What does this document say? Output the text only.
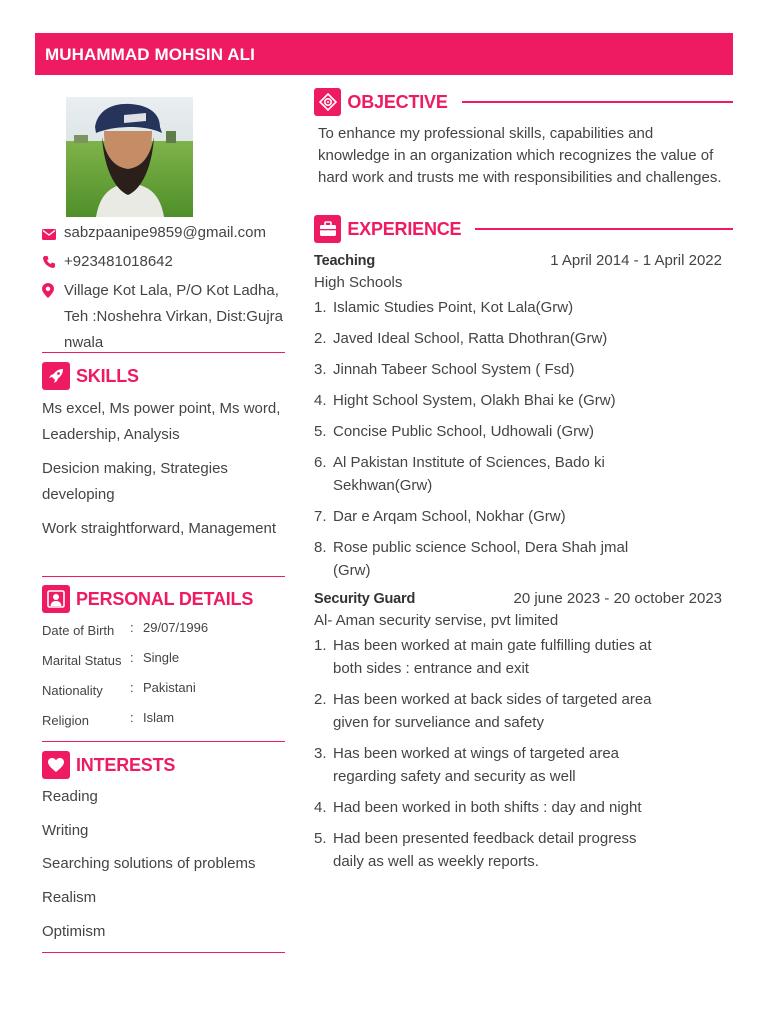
MUHAMMAD MOHSIN ALI
sabzpaanipe9859@gmail.com
+923481018642
Village Kot Lala, P/O Kot Ladha, Teh :Noshehra Virkan, Dist:Gujranwala
SKILLS

Ms excel, Ms power point, Ms word, Leadership, Analysis

Desicion making, Strategies developing

Work straightforward, Management

PERSONAL DETAILS
Date of Birth : 29/07/1996
Marital Status : Single
Nationality : Pakistani
Religion	: Islam
INTERESTS

Reading

Writing

Searching solutions of problems

Realism

Optimism

OBJECTIVE

To enhance my professional skills, capabilities and knowledge in an organization which recognizes the value of hard work and trusts me with responsibilities and challenges.

EXPERIENCE
Teaching	1 April 2014 - 1 April 2022
High Schools
1. Islamic Studies Point, Kot Lala(Grw)
2. Javed Ideal School, Ratta Dhothran(Grw)
3. Jinnah Tabeer School System ( Fsd)
4. Hight School System, Olakh Bhai ke (Grw)
5. Concise Public School, Udhowali (Grw)
6. Al Pakistan Institute of Sciences, Bado ki Sekhwan(Grw)
7. Dar e Arqam School, Nokhar (Grw)
8. Rose public science School, Dera Shah jmal (Grw)
Security Guard	20 june 2023 - 20 october 2023
Al- Aman security servise, pvt limited
1. Has been worked at main gate fulfilling duties at both sides : entrance and exit
2. Has been worked at back sides of targeted area given for surveliance and safety
3. Has been worked at wings of targeted area regarding safety and security as well
4. Had been worked in both shifts : day and night
5. Had been presented feedback detail progress daily as well as weekly reports.
